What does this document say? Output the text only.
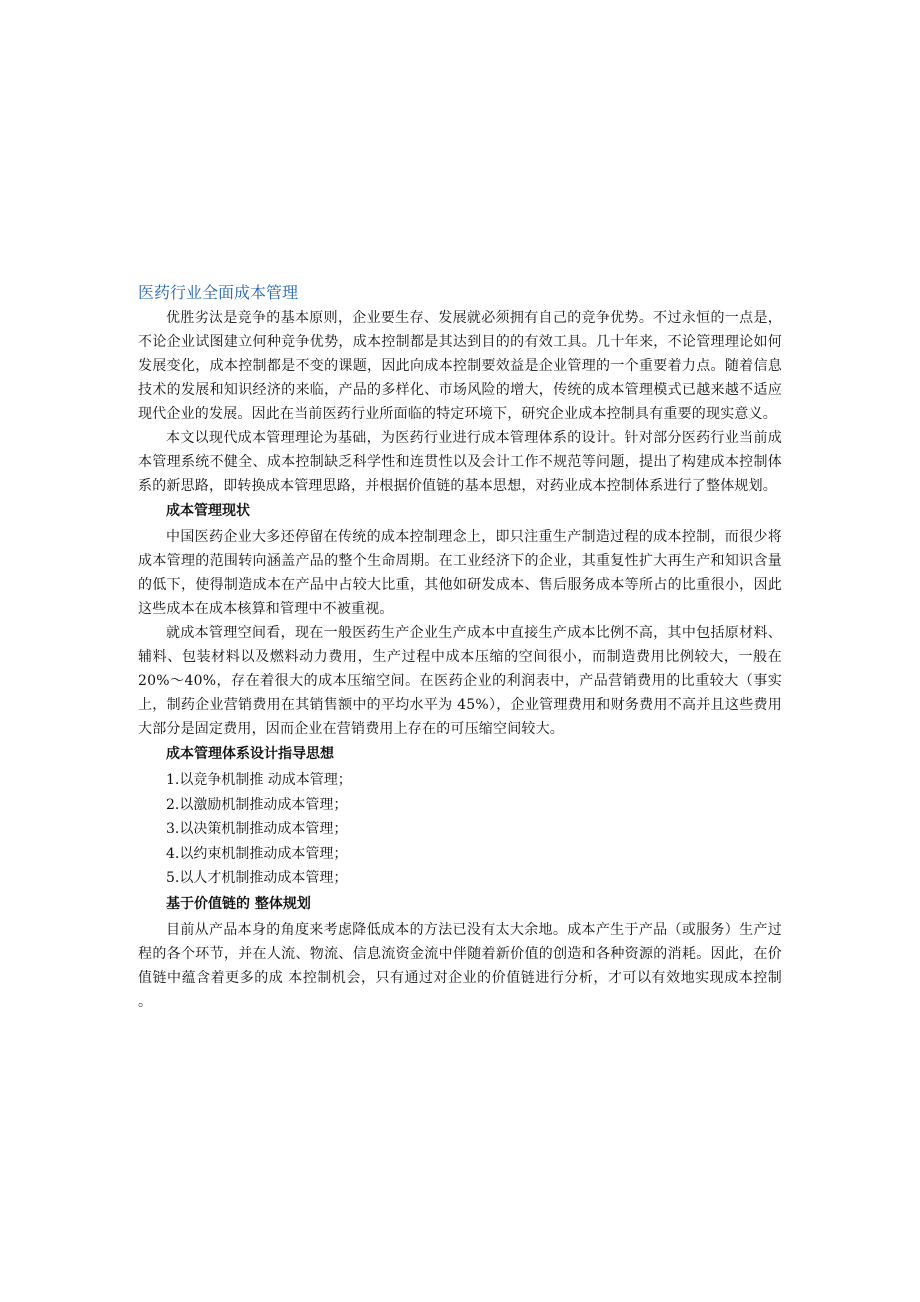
医药行业全面成本管理

优胜劣汰是竞争的基本原则，企业要生存、发展就必须拥有自己的竞争优势。不过永恒的一点是，不论企业试图建立何种竞争优势，成本控制都是其达到目的的有效工具。几十年来，不论管理理论如何发展变化，成本控制都是不变的课题，因此向成本控制要效益是企业管理的一个重要着力点。随着信息技术的发展和知识经济的来临，产品的多样化、市场风险的增大，传统的成本管理模式已越来越不适应现代企业的发展。因此在当前医药行业所面临的特定环境下，研究企业成本控制具有重要的现实意义。

本文以现代成本管理理论为基础，为医药行业进行成本管理体系的设计。针对部分医药行业当前成本管理系统不健全、成本控制缺乏科学性和连贯性以及会计工作不规范等问题，提出了构建成本控制体系的新思路，即转换成本管理思路，并根据价值链的基本思想，对药业成本控制体系进行了整体规划。

成本管理现状

中国医药企业大多还停留在传统的成本控制理念上，即只注重生产制造过程的成本控制，而很少将成本管理的范围转向涵盖产品的整个生命周期。在工业经济下的企业，其重复性扩大再生产和知识含量的低下，使得制造成本在产品中占较大比重，其他如研发成本、售后服务成本等所占的比重很小，因此这些成本在成本核算和管理中不被重视。

就成本管理空间看，现在一般医药生产企业生产成本中直接生产成本比例不高，其中包括原材料、辅料、包装材料以及燃料动力费用，生产过程中成本压缩的空间很小，而制造费用比例较大，一般在 20%～40%，存在着很大的成本压缩空间。在医药企业的利润表中，产品营销费用的比重较大（事实上，制药企业营销费用在其销售额中的平均水平为 45%），企业管理费用和财务费用不高并且这些费用大部分是固定费用，因而企业在营销费用上存在的可压缩空间较大。

成本管理体系设计指导思想
1.以竞争机制推 动成本管理；
2.以激励机制推动成本管理；
3.以决策机制推动成本管理；
4.以约束机制推动成本管理；
5.以人才机制推动成本管理；
基于价值链的 整体规划

目前从产品本身的角度来考虑降低成本的方法已没有太大余地。成本产生于产品（或服务）生产过程的各个环节，并在人流、物流、信息流资金流中伴随着新价值的创造和各种资源的消耗。因此，在价值链中蕴含着更多的成 本控制机会，只有通过对企业的价值链进行分析，才可以有效地实现成本控制 。
